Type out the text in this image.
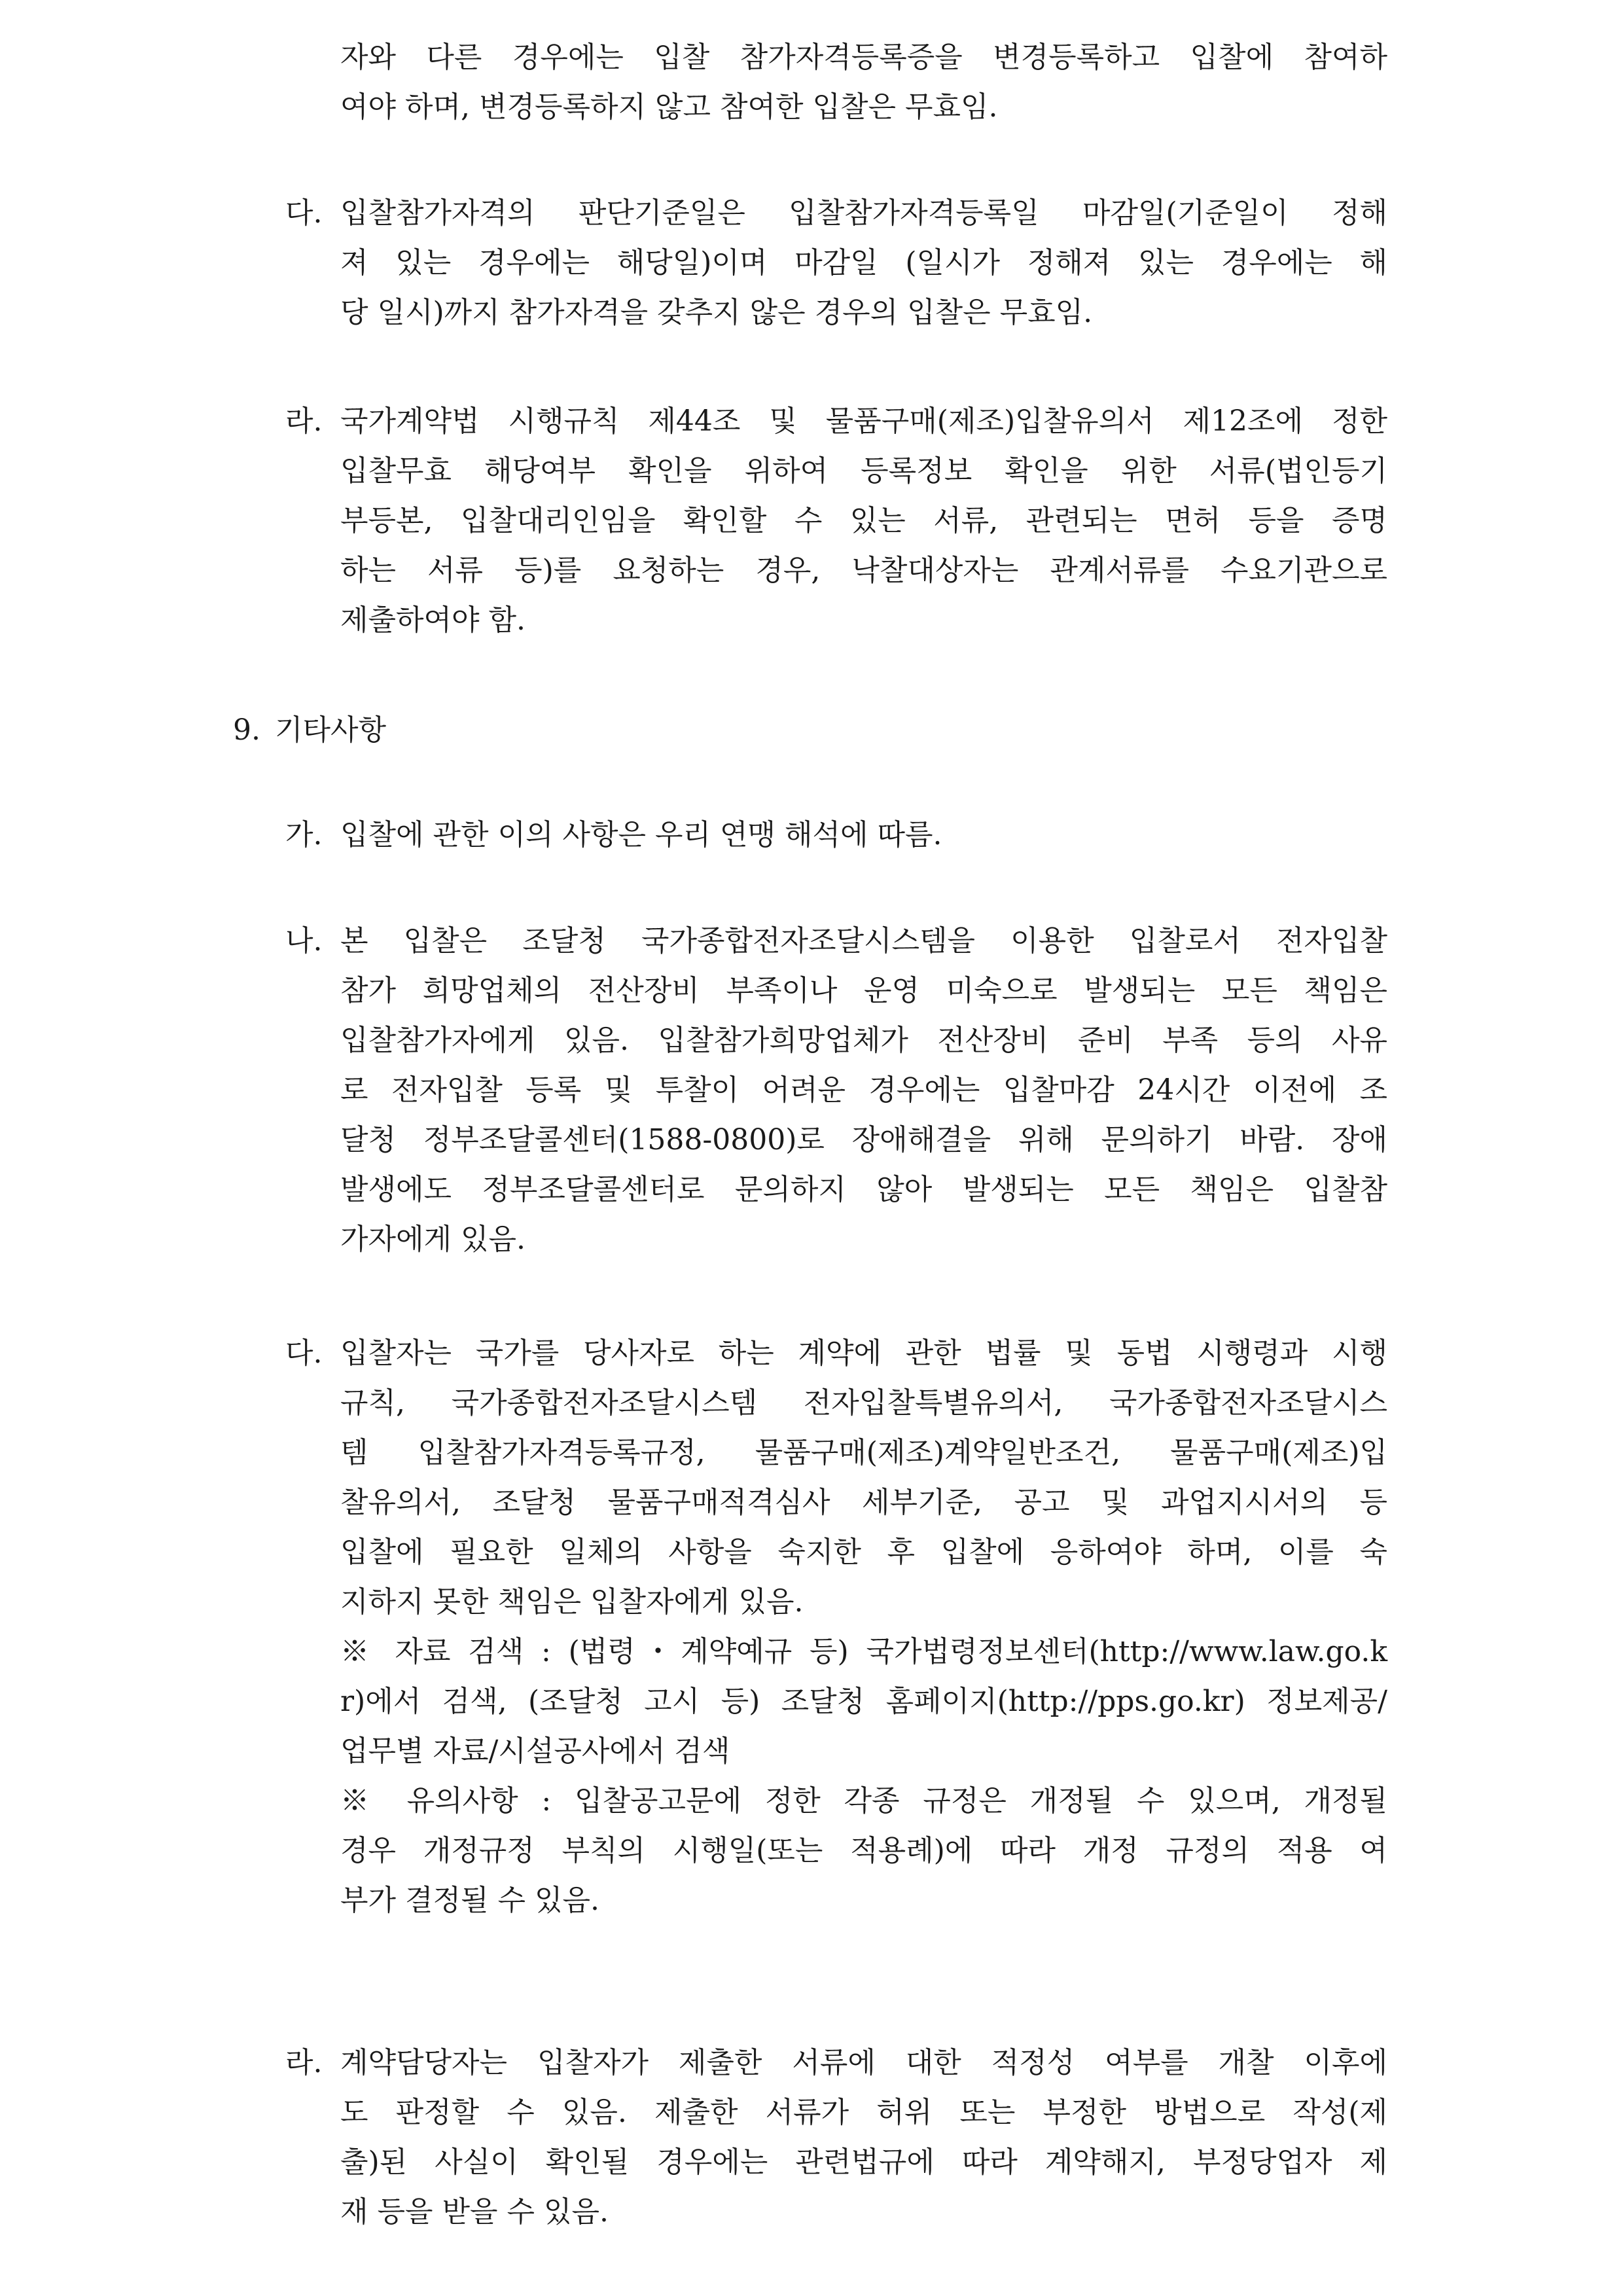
자와 다른 경우에는 입찰 참가자격등록증을 변경등록하고 입찰에 참여하
여야 하며, 변경등록하지 않고 참여한 입찰은 무효임.
다. 입찰참가자격의 판단기준일은 입찰참가자격등록일 마감일(기준일이 정해
져 있는 경우에는 해당일)이며 마감일 (일시가 정해져 있는 경우에는 해
당 일시)까지 참가자격을 갖추지 않은 경우의 입찰은 무효임.
라. 국가계약법 시행규칙 제44조 및 물품구매(제조)입찰유의서 제12조에 정한
입찰무효 해당여부 확인을 위하여 등록정보 확인을 위한 서류(법인등기
부등본, 입찰대리인임을 확인할 수 있는 서류, 관련되는 면허 등을 증명
하는 서류 등)를 요청하는 경우, 낙찰대상자는 관계서류를 수요기관으로
제출하여야 함.
9. 기타사항
가. 입찰에 관한 이의 사항은 우리 연맹 해석에 따름.
나. 본 입찰은 조달청 국가종합전자조달시스템을 이용한 입찰로서 전자입찰
참가 희망업체의 전산장비 부족이나 운영 미숙으로 발생되는 모든 책임은
입찰참가자에게 있음. 입찰참가희망업체가 전산장비 준비 부족 등의 사유
로 전자입찰 등록 및 투찰이 어려운 경우에는 입찰마감 24시간 이전에 조
달청 정부조달콜센터(1588-0800)로 장애해결을 위해 문의하기 바람. 장애
발생에도 정부조달콜센터로 문의하지 않아 발생되는 모든 책임은 입찰참
가자에게 있음.
다. 입찰자는 국가를 당사자로 하는 계약에 관한 법률 및 동법 시행령과 시행
규칙, 국가종합전자조달시스템 전자입찰특별유의서, 국가종합전자조달시스
템 입찰참가자격등록규정, 물품구매(제조)계약일반조건, 물품구매(제조)입
찰유의서, 조달청 물품구매적격심사 세부기준, 공고 및 과업지시서의 등
입찰에 필요한 일체의 사항을 숙지한 후 입찰에 응하여야 하며, 이를 숙
지하지 못한 책임은 입찰자에게 있음.
※ 자료 검색 : (법령・계약예규 등) 국가법령정보센터(http://www.law.go.k
r)에서 검색, (조달청 고시 등) 조달청 홈페이지(http://pps.go.kr) 정보제공/
업무별 자료/시설공사에서 검색
※ 유의사항 : 입찰공고문에 정한 각종 규정은 개정될 수 있으며, 개정될
경우 개정규정 부칙의 시행일(또는 적용례)에 따라 개정 규정의 적용 여
부가 결정될 수 있음.
라. 계약담당자는 입찰자가 제출한 서류에 대한 적정성 여부를 개찰 이후에
도 판정할 수 있음. 제출한 서류가 허위 또는 부정한 방법으로 작성(제
출)된 사실이 확인될 경우에는 관련법규에 따라 계약해지, 부정당업자 제
재 등을 받을 수 있음.
